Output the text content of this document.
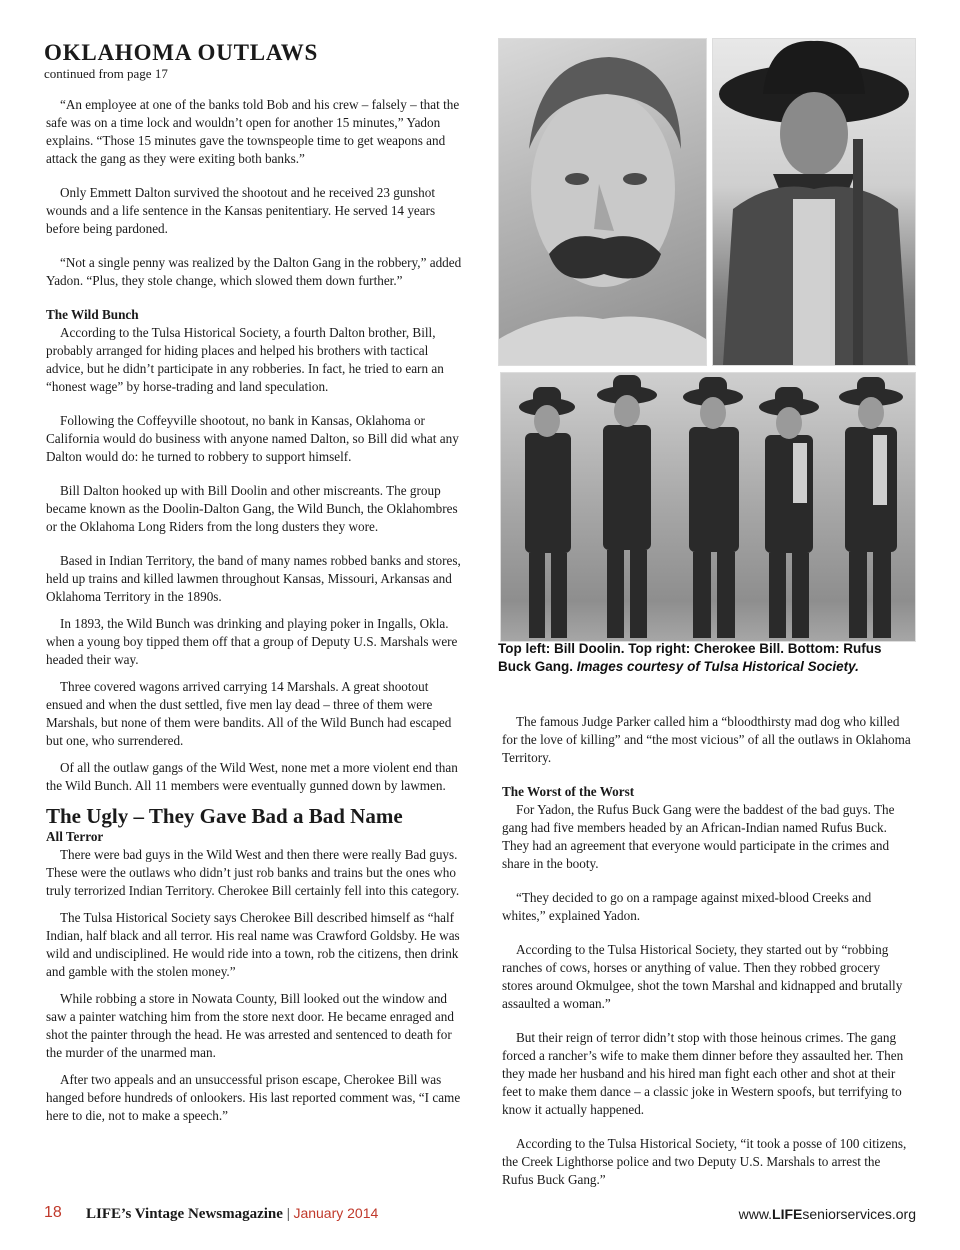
OKLAHOMA OUTLAWS
continued from page 17

“An employee at one of the banks told Bob and his crew – falsely – that the safe was on a time lock and wouldn’t open for another 15 minutes,” Yadon explains. “Those 15 minutes gave the townspeople time to get weapons and attack the gang as they were exiting both banks.”

Only Emmett Dalton survived the shootout and he received 23 gunshot wounds and a life sentence in the Kansas penitentiary. He served 14 years before being pardoned.

“Not a single penny was realized by the Dalton Gang in the robbery,” added Yadon. “Plus, they stole change, which slowed them down further.”

The Wild Bunch

According to the Tulsa Historical Society, a fourth Dalton brother, Bill, probably arranged for hiding places and helped his brothers with tactical advice, but he didn’t participate in any robberies. In fact, he tried to earn an “honest wage” by horse-trading and land speculation.

Following the Coffeyville shootout, no bank in Kansas, Oklahoma or California would do business with anyone named Dalton, so Bill did what any Dalton would do: he turned to robbery to support himself.

Bill Dalton hooked up with Bill Doolin and other miscreants. The group became known as the Doolin-Dalton Gang, the Wild Bunch, the Oklahombres or the Oklahoma Long Riders from the long dusters they wore.

Based in Indian Territory, the band of many names robbed banks and stores, held up trains and killed lawmen throughout Kansas, Missouri, Arkansas and Oklahoma Territory in the 1890s.

In 1893, the Wild Bunch was drinking and playing poker in Ingalls, Okla. when a young boy tipped them off that a group of Deputy U.S. Marshals were headed their way.

Three covered wagons arrived carrying 14 Marshals. A great shootout ensued and when the dust settled, five men lay dead – three of them were Marshals, but none of them were bandits. All of the Wild Bunch had escaped but one, who surrendered.

Of all the outlaw gangs of the Wild West, none met a more violent end than the Wild Bunch. All 11 members were eventually gunned down by lawmen.

The Ugly – They Gave Bad a Bad Name
All Terror

There were bad guys in the Wild West and then there were really Bad guys. These were the outlaws who didn’t just rob banks and trains but the ones who truly terrorized Indian Territory. Cherokee Bill certainly fell into this category.

The Tulsa Historical Society says Cherokee Bill described himself as “half Indian, half black and all terror. His real name was Crawford Goldsby. He was wild and undisciplined. He would ride into a town, rob the citizens, then drink and gamble with the stolen money.”

While robbing a store in Nowata County, Bill looked out the window and saw a painter watching him from the store next door. He became enraged and shot the painter through the head. He was arrested and sentenced to death for the murder of the unarmed man.

After two appeals and an unsuccessful prison escape, Cherokee Bill was hanged before hundreds of onlookers. His last reported comment was, “I came here to die, not to make a speech.”

Top left: Bill Doolin. Top right: Cherokee Bill. Bottom: Rufus Buck Gang. Images courtesy of Tulsa Historical Society.

The famous Judge Parker called him a “bloodthirsty mad dog who killed for the love of killing” and “the most vicious” of all the outlaws in Oklahoma Territory.

The Worst of the Worst

For Yadon, the Rufus Buck Gang were the baddest of the bad guys. The gang had five members headed by an African-Indian named Rufus Buck. They had an agreement that everyone would participate in the crimes and share in the booty.

“They decided to go on a rampage against mixed-blood Creeks and whites,” explained Yadon.

According to the Tulsa Historical Society, they started out by “robbing ranches of cows, horses or anything of value. Then they robbed grocery stores around Okmulgee, shot the town Marshal and kidnapped and brutally assaulted a woman.”

But their reign of terror didn’t stop with those heinous crimes. The gang forced a rancher’s wife to make them dinner before they assaulted her. Then they made her husband and his hired man fight each other and shot at their feet to make them dance – a classic joke in Western spoofs, but terrifying to know it actually happened.

According to the Tulsa Historical Society, “it took a posse of 100 citizens, the Creek Lighthorse police and two Deputy U.S. Marshals to arrest the Rufus Buck Gang.”

18 LIFE’s Vintage Newsmagazine | January 2014	www.LIFEseniorservices.org
